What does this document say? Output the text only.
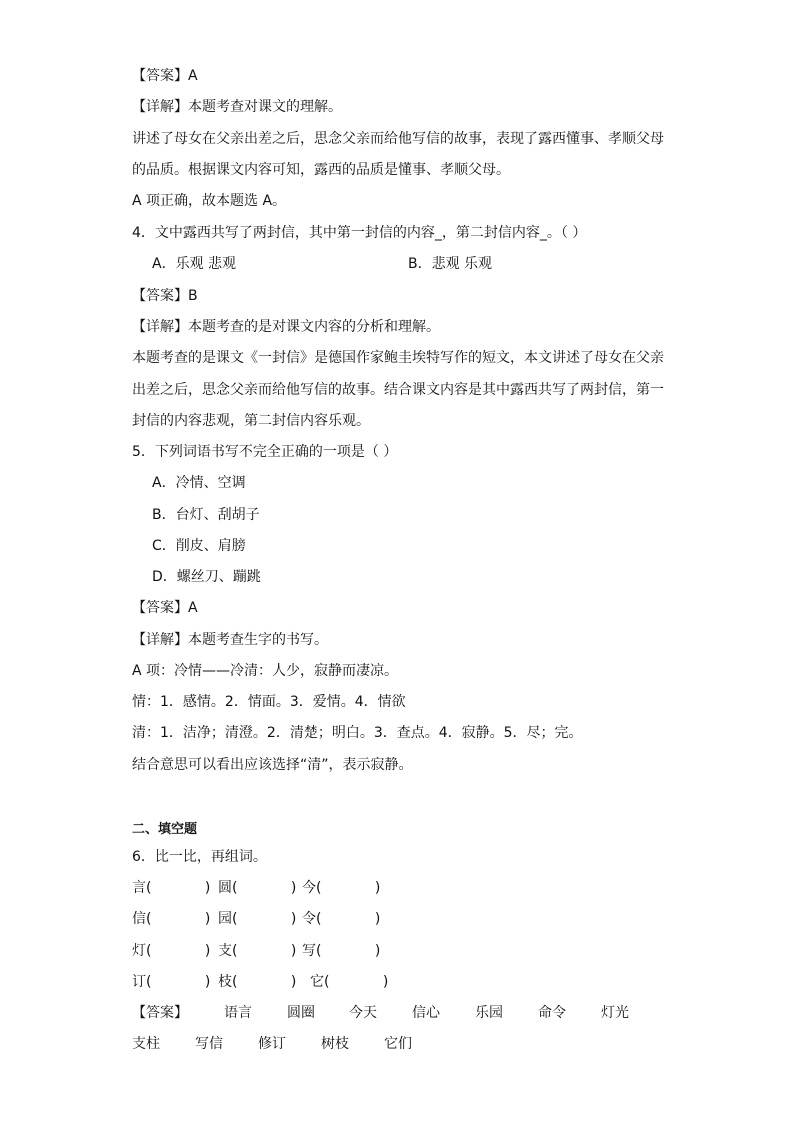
【答案】A
【详解】本题考查对课文的理解。
讲述了母女在父亲出差之后，思念父亲而给他写信的故事，表现了露西懂事、孝顺父母
的品质。根据课文内容可知，露西的品质是懂事、孝顺父母。
A 项正确，故本题选 A。
4．文中露西共写了两封信，其中第一封信的内容_，第二封信内容_。（ ）
A．乐观 悲观	B．悲观 乐观
【答案】B
【详解】本题考查的是对课文内容的分析和理解。
本题考查的是课文《一封信》是德国作家鲍圭埃特写作的短文，本文讲述了母女在父亲
出差之后，思念父亲而给他写信的故事。结合课文内容是其中露西共写了两封信，第一
封信的内容悲观，第二封信内容乐观。
5．下列词语书写不完全正确的一项是（ ）
A．冷情、空调
B．台灯、刮胡子
C．削皮、肩膀
D．螺丝刀、蹦跳
【答案】A
【详解】本题考查生字的书写。
A 项：冷情——冷清：人少，寂静而凄凉。
情：1．感情。2．情面。3．爱情。4．情欲
清：1．洁净；清澄。2．清楚；明白。3．查点。4．寂静。5．尽；完。
结合意思可以看出应该选择“清”，表示寂静。
二、填空题
6．比一比，再组词。
言(            ) 圆(            ) 今(            )
信(            ) 园(            ) 令(            )
灯(            ) 支(            ) 写(            )
订(            ) 枝(            ) 它(            )
【答案】	语言	圆圈 今天	信心	乐园	命令	灯光
支柱	写信	修订	树枝	它们
